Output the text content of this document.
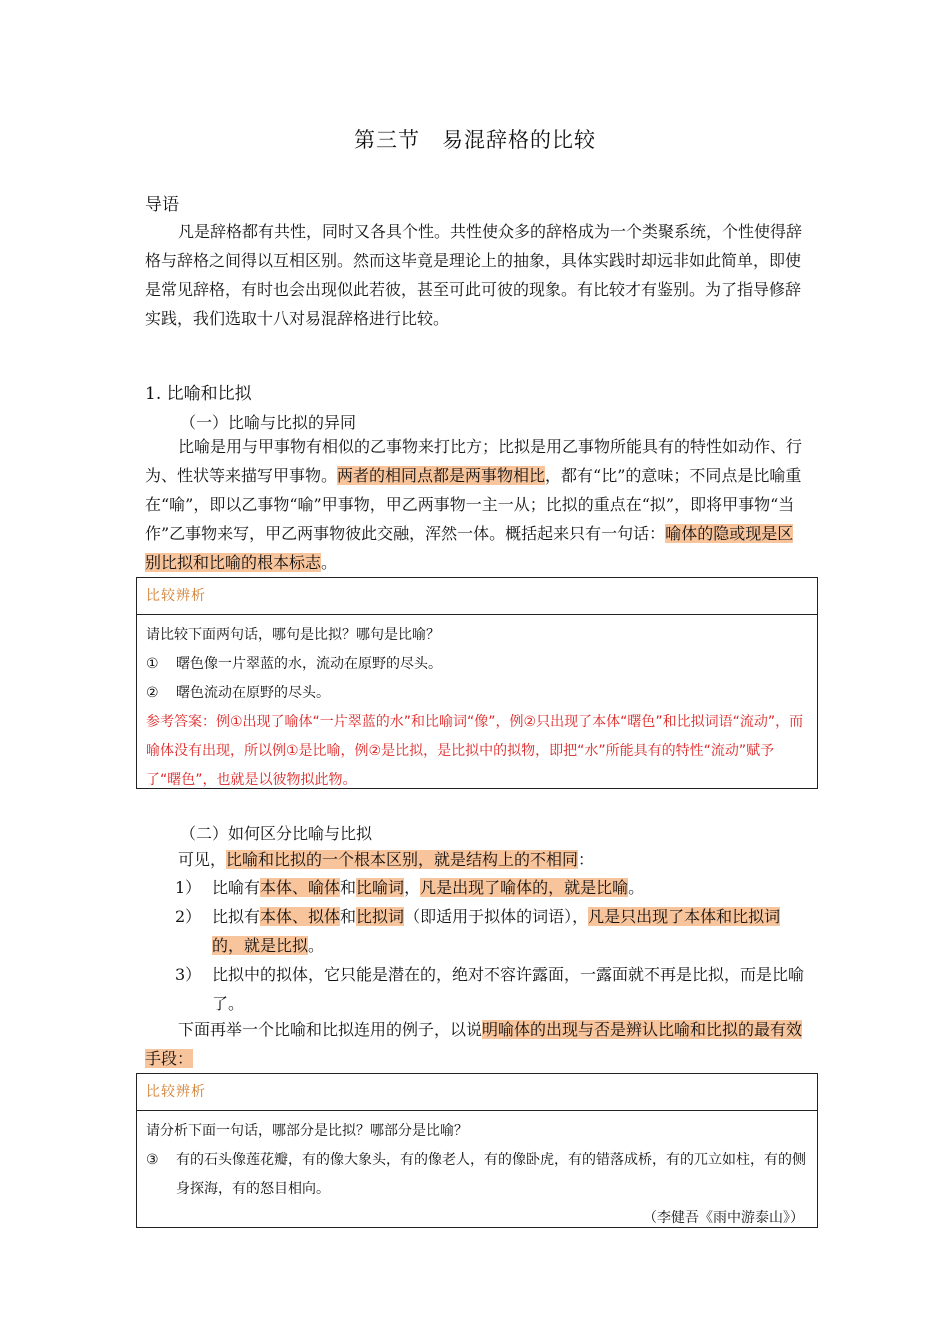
第三节　易混辞格的比较
导语
凡是辞格都有共性，同时又各具个性。共性使众多的辞格成为一个类聚系统，个性使得辞格与辞格之间得以互相区别。然而这毕竟是理论上的抽象，具体实践时却远非如此简单，即使是常见辞格，有时也会出现似此若彼，甚至可此可彼的现象。有比较才有鉴别。为了指导修辞实践，我们选取十八对易混辞格进行比较。
1. 比喻和比拟
（一）比喻与比拟的异同
比喻是用与甲事物有相似的乙事物来打比方；比拟是用乙事物所能具有的特性如动作、行为、性状等来描写甲事物。两者的相同点都是两事物相比，都有“比”的意味；不同点是比喻重在“喻”，即以乙事物“喻”甲事物，甲乙两事物一主一从；比拟的重点在“拟”，即将甲事物“当作”乙事物来写，甲乙两事物彼此交融，浑然一体。概括起来只有一句话：喻体的隐或现是区别比拟和比喻的根本标志。
比较辨析
请比较下面两句话，哪句是比拟？哪句是比喻？
① 曙色像一片翠蓝的水，流动在原野的尽头。
② 曙色流动在原野的尽头。
参考答案：例①出现了喻体“一片翠蓝的水”和比喻词“像”，例②只出现了本体“曙色”和比拟词语“流动”，而喻体没有出现，所以例①是比喻，例②是比拟，是比拟中的拟物，即把“水”所能具有的特性“流动”赋予了“曙色”，也就是以彼物拟此物。
（二）如何区分比喻与比拟
可见，比喻和比拟的一个根本区别，就是结构上的不相同：
1） 比喻有本体、喻体和比喻词，凡是出现了喻体的，就是比喻。
2） 比拟有本体、拟体和比拟词（即适用于拟体的词语），凡是只出现了本体和比拟词的，就是比拟。
3） 比拟中的拟体，它只能是潜在的，绝对不容许露面，一露面就不再是比拟，而是比喻了。
下面再举一个比喻和比拟连用的例子，以说明喻体的出现与否是辨认比喻和比拟的最有效手段：
比较辨析
请分析下面一句话，哪部分是比拟？哪部分是比喻？
③ 有的石头像莲花瓣，有的像大象头，有的像老人，有的像卧虎，有的错落成桥，有的兀立如柱，有的侧身探海，有的怒目相向。
（李健吾《雨中游泰山》）
